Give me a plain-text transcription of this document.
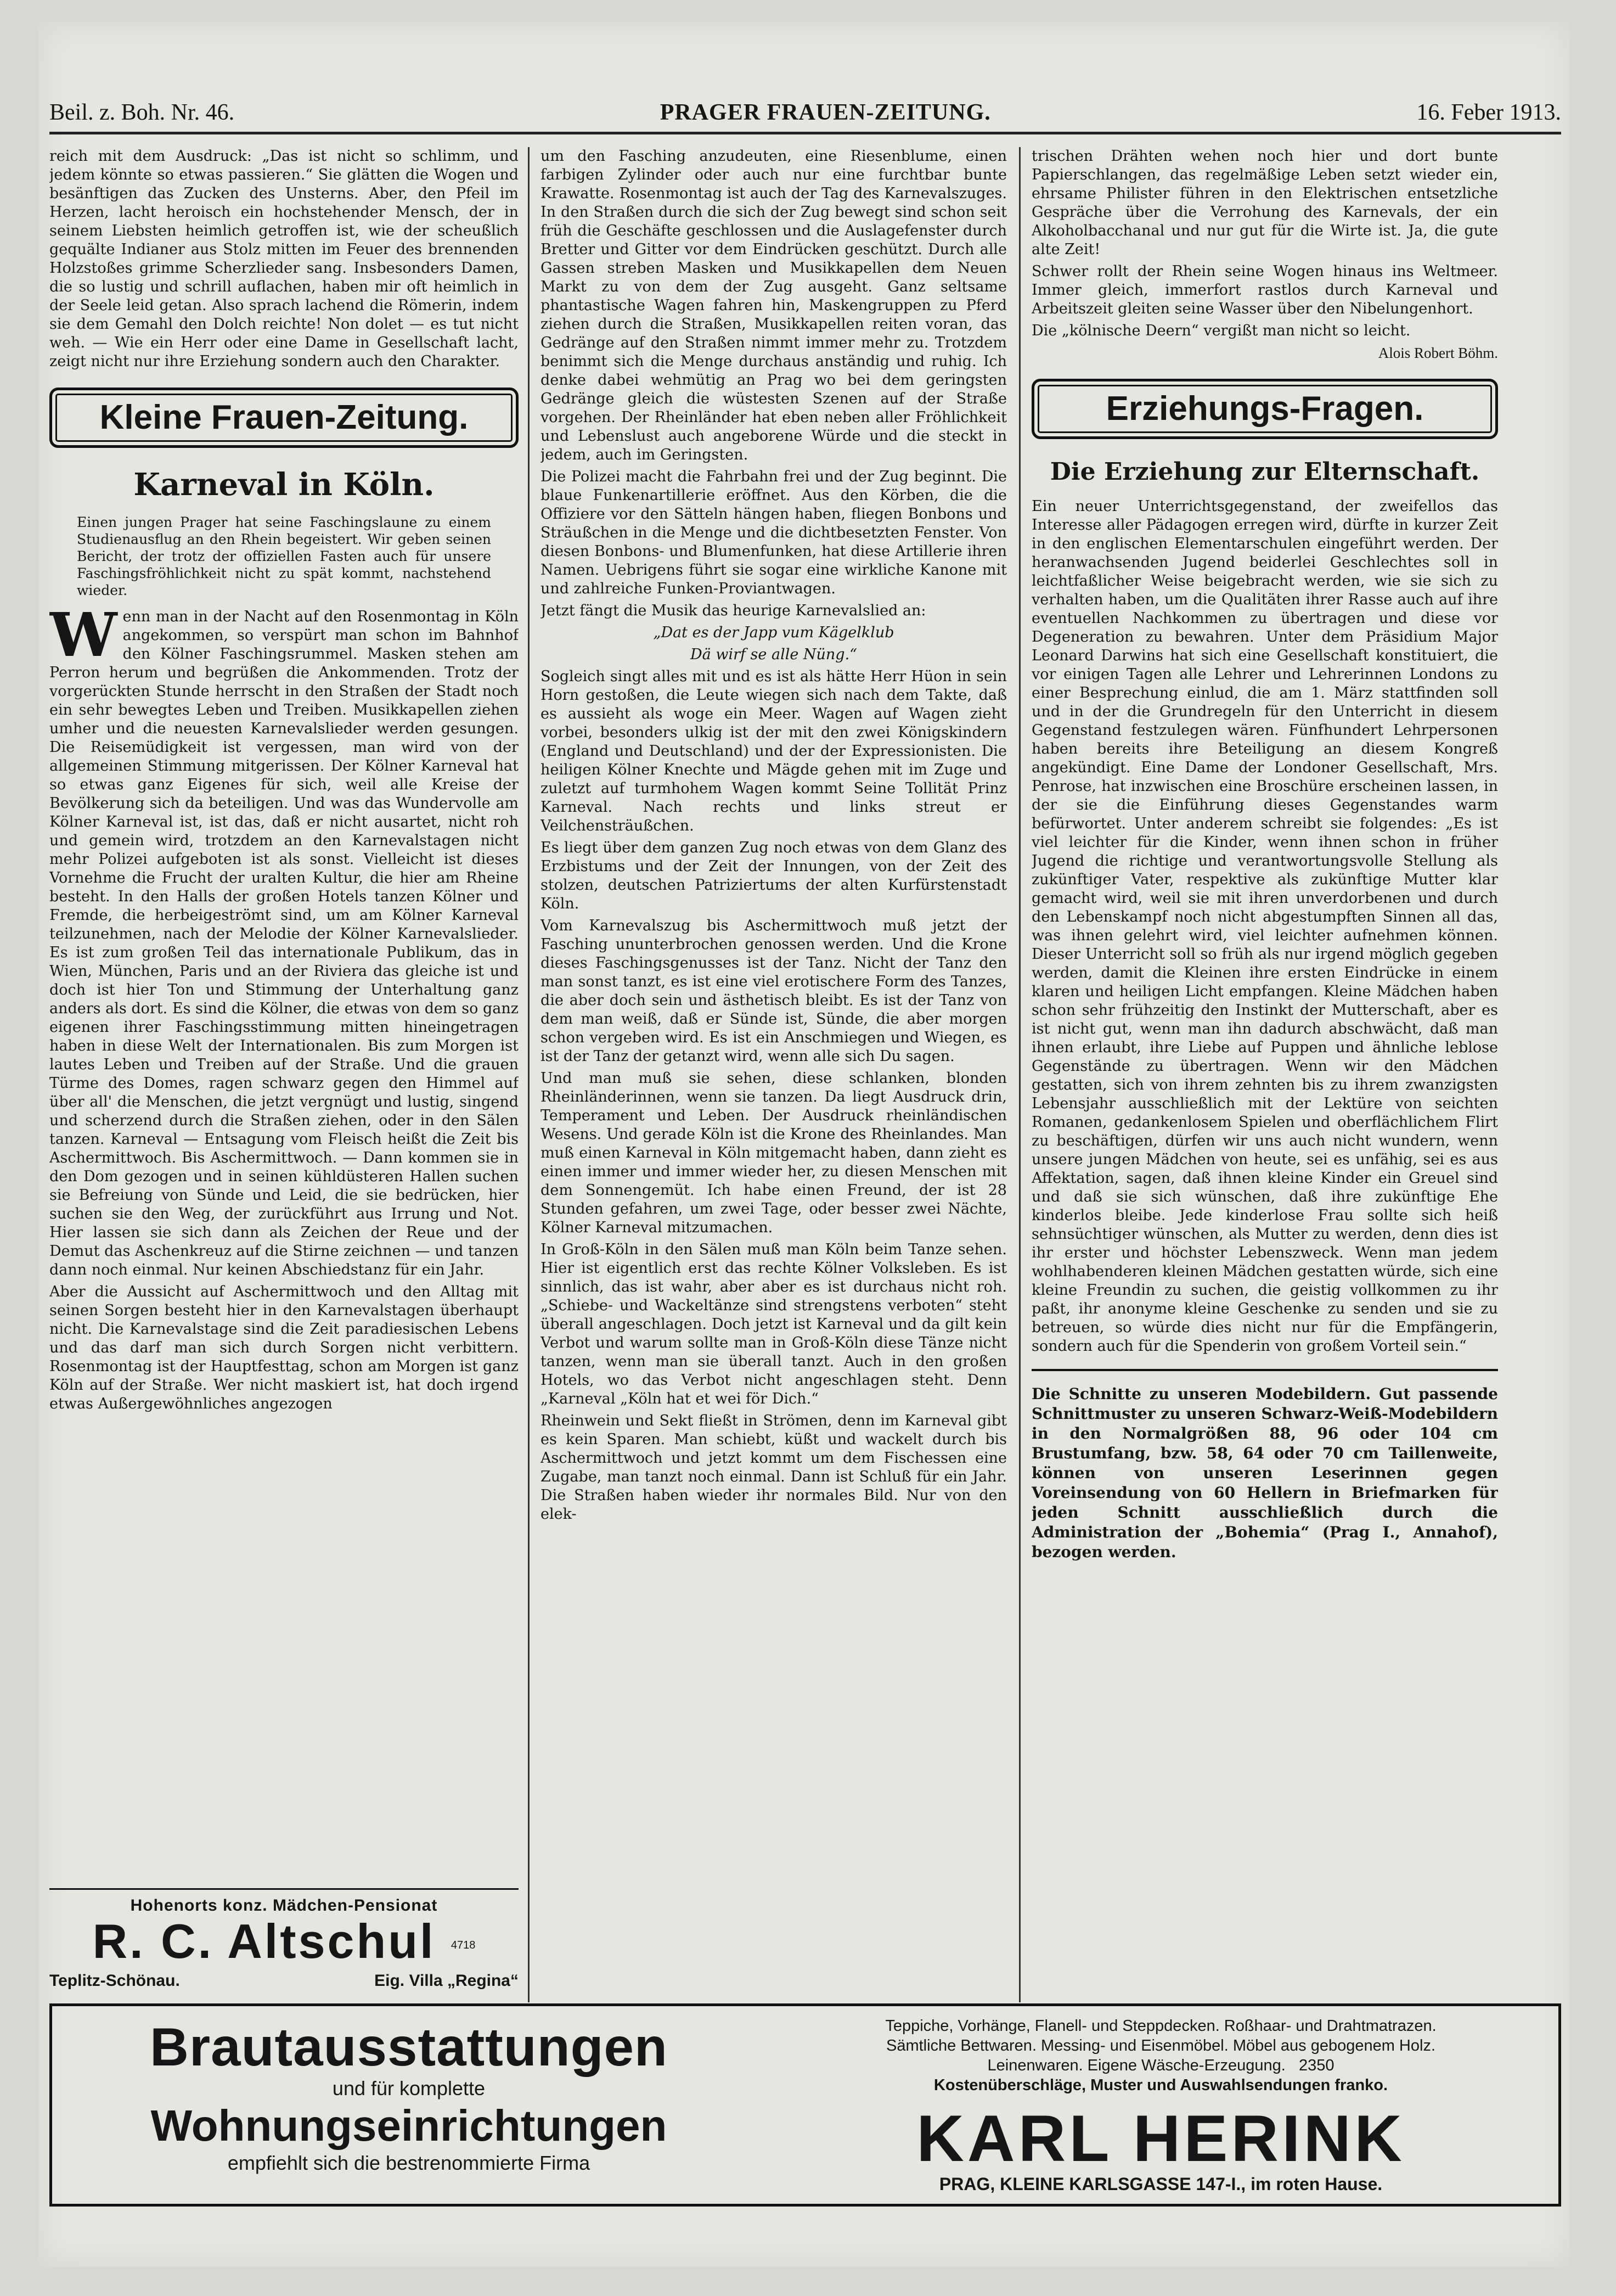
Beil. z. Boh. Nr. 46.	PRAGER FRAUEN-ZEITUNG.	16. Feber 1913.

reich mit dem Ausdruck: „Das ist nicht so schlimm, und jedem könnte so etwas passieren.“ Sie glätten die Wogen und besänftigen das Zucken des Unsterns. Aber, den Pfeil im Herzen, lacht heroisch ein hochstehender Mensch, der in seinem Liebsten heimlich getroffen ist, wie der scheußlich gequälte Indianer aus Stolz mitten im Feuer des brennenden Holzstoßes grimme Scherzlieder sang. Insbesonders Damen, die so lustig und schrill auflachen, haben mir oft heimlich in der Seele leid getan. Also sprach lachend die Römerin, indem sie dem Gemahl den Dolch reichte! Non dolet — es tut nicht weh. — Wie ein Herr oder eine Dame in Gesellschaft lacht, zeigt nicht nur ihre Erziehung sondern auch den Charakter.

Kleine Frauen-Zeitung.
Karneval in Köln.
Einen jungen Prager hat seine Faschingslaune zu einem Studienausflug an den Rhein begeistert. Wir geben seinen Bericht, der trotz der offiziellen Fasten auch für unsere Faschingsfröhlichkeit nicht zu spät kommt, nachstehend wieder.

Wenn man in der Nacht auf den Rosenmontag in Köln angekommen, so verspürt man schon im Bahnhof den Kölner Faschingsrummel. Masken stehen am Perron herum und begrüßen die Ankommenden. Trotz der vorgerückten Stunde herrscht in den Straßen der Stadt noch ein sehr bewegtes Leben und Treiben. Musikkapellen ziehen umher und die neuesten Karnevalslieder werden gesungen. Die Reisemüdigkeit ist vergessen, man wird von der allgemeinen Stimmung mitgerissen. Der Kölner Karneval hat so etwas ganz Eigenes für sich, weil alle Kreise der Bevölkerung sich da beteiligen. Und was das Wundervolle am Kölner Karneval ist, ist das, daß er nicht ausartet, nicht roh und gemein wird, trotzdem an den Karnevalstagen nicht mehr Polizei aufgeboten ist als sonst. Vielleicht ist dieses Vornehme die Frucht der uralten Kultur, die hier am Rheine besteht. In den Halls der großen Hotels tanzen Kölner und Fremde, die herbeigeströmt sind, um am Kölner Karneval teilzunehmen, nach der Melodie der Kölner Karnevalslieder. Es ist zum großen Teil das internationale Publikum, das in Wien, München, Paris und an der Riviera das gleiche ist und doch ist hier Ton und Stimmung der Unterhaltung ganz anders als dort. Es sind die Kölner, die etwas von dem so ganz eigenen ihrer Faschingsstimmung mitten hineingetragen haben in diese Welt der Internationalen. Bis zum Morgen ist lautes Leben und Treiben auf der Straße. Und die grauen Türme des Domes, ragen schwarz gegen den Himmel auf über all' die Menschen, die jetzt vergnügt und lustig, singend und scherzend durch die Straßen ziehen, oder in den Sälen tanzen. Karneval — Entsagung vom Fleisch heißt die Zeit bis Aschermittwoch. Bis Aschermittwoch. — Dann kommen sie in den Dom gezogen und in seinen kühldüsteren Hallen suchen sie Befreiung von Sünde und Leid, die sie bedrücken, hier suchen sie den Weg, der zurückführt aus Irrung und Not. Hier lassen sie sich dann als Zeichen der Reue und der Demut das Aschenkreuz auf die Stirne zeichnen — und tanzen dann noch einmal. Nur keinen Abschiedstanz für ein Jahr.

Aber die Aussicht auf Aschermittwoch und den Alltag mit seinen Sorgen besteht hier in den Karnevalstagen überhaupt nicht. Die Karnevalstage sind die Zeit paradiesischen Lebens und das darf man sich durch Sorgen nicht verbittern. Rosenmontag ist der Hauptfesttag, schon am Morgen ist ganz Köln auf der Straße. Wer nicht maskiert ist, hat doch irgend etwas Außergewöhnliches angezogen

Hohenorts konz. Mädchen-Pensionat
R. C. Altschul 4718
Teplitz-Schönau.	Eig. Villa „Regina“

um den Fasching anzudeuten, eine Riesenblume, einen farbigen Zylinder oder auch nur eine furchtbar bunte Krawatte. Rosenmontag ist auch der Tag des Karnevalszuges. In den Straßen durch die sich der Zug bewegt sind schon seit früh die Geschäfte geschlossen und die Auslagefenster durch Bretter und Gitter vor dem Eindrücken geschützt. Durch alle Gassen streben Masken und Musikkapellen dem Neuen Markt zu von dem der Zug ausgeht. Ganz seltsame phantastische Wagen fahren hin, Maskengruppen zu Pferd ziehen durch die Straßen, Musikkapellen reiten voran, das Gedränge auf den Straßen nimmt immer mehr zu. Trotzdem benimmt sich die Menge durchaus anständig und ruhig. Ich denke dabei wehmütig an Prag wo bei dem geringsten Gedränge gleich die wüstesten Szenen auf der Straße vorgehen. Der Rheinländer hat eben neben aller Fröhlichkeit und Lebenslust auch angeborene Würde und die steckt in jedem, auch im Geringsten.

Die Polizei macht die Fahrbahn frei und der Zug beginnt. Die blaue Funkenartillerie eröffnet. Aus den Körben, die die Offiziere vor den Sätteln hängen haben, fliegen Bonbons und Sträußchen in die Menge und die dichtbesetzten Fenster. Von diesen Bonbons- und Blumenfunken, hat diese Artillerie ihren Namen. Uebrigens führt sie sogar eine wirkliche Kanone mit und zahlreiche Funken-Proviantwagen.

Jetzt fängt die Musik das heurige Karnevalslied an:

„Dat es der Japp vum Kägelklub

Dä wirf se alle Nüng.“

Sogleich singt alles mit und es ist als hätte Herr Hüon in sein Horn gestoßen, die Leute wiegen sich nach dem Takte, daß es aussieht als woge ein Meer. Wagen auf Wagen zieht vorbei, besonders ulkig ist der mit den zwei Königskindern (England und Deutschland) und der der Expressionisten. Die heiligen Kölner Knechte und Mägde gehen mit im Zuge und zuletzt auf turmhohem Wagen kommt Seine Tollität Prinz Karneval. Nach rechts und links streut er Veilchensträußchen.

Es liegt über dem ganzen Zug noch etwas von dem Glanz des Erzbistums und der Zeit der Innungen, von der Zeit des stolzen, deutschen Patriziertums der alten Kurfürstenstadt Köln.

Vom Karnevalszug bis Aschermittwoch muß jetzt der Fasching ununterbrochen genossen werden. Und die Krone dieses Faschingsgenusses ist der Tanz. Nicht der Tanz den man sonst tanzt, es ist eine viel erotischere Form des Tanzes, die aber doch sein und ästhetisch bleibt. Es ist der Tanz von dem man weiß, daß er Sünde ist, Sünde, die aber morgen schon vergeben wird. Es ist ein Anschmiegen und Wiegen, es ist der Tanz der getanzt wird, wenn alle sich Du sagen.

Und man muß sie sehen, diese schlanken, blonden Rheinländerinnen, wenn sie tanzen. Da liegt Ausdruck drin, Temperament und Leben. Der Ausdruck rheinländischen Wesens. Und gerade Köln ist die Krone des Rheinlandes. Man muß einen Karneval in Köln mitgemacht haben, dann zieht es einen immer und immer wieder her, zu diesen Menschen mit dem Sonnengemüt. Ich habe einen Freund, der ist 28 Stunden gefahren, um zwei Tage, oder besser zwei Nächte, Kölner Karneval mitzumachen.

In Groß-Köln in den Sälen muß man Köln beim Tanze sehen. Hier ist eigentlich erst das rechte Kölner Volksleben. Es ist sinnlich, das ist wahr, aber aber es ist durchaus nicht roh. „Schiebe- und Wackeltänze sind strengstens verboten“ steht überall angeschlagen. Doch jetzt ist Karneval und da gilt kein Verbot und warum sollte man in Groß-Köln diese Tänze nicht tanzen, wenn man sie überall tanzt. Auch in den großen Hotels, wo das Verbot nicht angeschlagen steht. Denn „Karneval „Köln hat et wei för Dich.“

Rheinwein und Sekt fließt in Strömen, denn im Karneval gibt es kein Sparen. Man schiebt, küßt und wackelt durch bis Aschermittwoch und jetzt kommt um dem Fischessen eine Zugabe, man tanzt noch einmal. Dann ist Schluß für ein Jahr. Die Straßen haben wieder ihr normales Bild. Nur von den elek-

trischen Drähten wehen noch hier und dort bunte Papierschlangen, das regelmäßige Leben setzt wieder ein, ehrsame Philister führen in den Elektrischen entsetzliche Gespräche über die Verrohung des Karnevals, der ein Alkoholbacchanal und nur gut für die Wirte ist. Ja, die gute alte Zeit!

Schwer rollt der Rhein seine Wogen hinaus ins Weltmeer. Immer gleich, immerfort rastlos durch Karneval und Arbeitszeit gleiten seine Wasser über den Nibelungenhort.

Die „kölnische Deern“ vergißt man nicht so leicht.

Alois Robert Böhm.

Erziehungs-Fragen.
Die Erziehung zur Elternschaft.

Ein neuer Unterrichtsgegenstand, der zweifellos das Interesse aller Pädagogen erregen wird, dürfte in kurzer Zeit in den englischen Elementarschulen eingeführt werden. Der heranwachsenden Jugend beiderlei Geschlechtes soll in leichtfaßlicher Weise beigebracht werden, wie sie sich zu verhalten haben, um die Qualitäten ihrer Rasse auch auf ihre eventuellen Nachkommen zu übertragen und diese vor Degeneration zu bewahren. Unter dem Präsidium Major Leonard Darwins hat sich eine Gesellschaft konstituiert, die vor einigen Tagen alle Lehrer und Lehrerinnen Londons zu einer Besprechung einlud, die am 1. März stattfinden soll und in der die Grundregeln für den Unterricht in diesem Gegenstand festzulegen wären. Fünfhundert Lehrpersonen haben bereits ihre Beteiligung an diesem Kongreß angekündigt. Eine Dame der Londoner Gesellschaft, Mrs. Penrose, hat inzwischen eine Broschüre erscheinen lassen, in der sie die Einführung dieses Gegenstandes warm befürwortet. Unter anderem schreibt sie folgendes: „Es ist viel leichter für die Kinder, wenn ihnen schon in früher Jugend die richtige und verantwortungsvolle Stellung als zukünftiger Vater, respektive als zukünftige Mutter klar gemacht wird, weil sie mit ihren unverdorbenen und durch den Lebenskampf noch nicht abgestumpften Sinnen all das, was ihnen gelehrt wird, viel leichter aufnehmen können. Dieser Unterricht soll so früh als nur irgend möglich gegeben werden, damit die Kleinen ihre ersten Eindrücke in einem klaren und heiligen Licht empfangen. Kleine Mädchen haben schon sehr frühzeitig den Instinkt der Mutterschaft, aber es ist nicht gut, wenn man ihn dadurch abschwächt, daß man ihnen erlaubt, ihre Liebe auf Puppen und ähnliche leblose Gegenstände zu übertragen. Wenn wir den Mädchen gestatten, sich von ihrem zehnten bis zu ihrem zwanzigsten Lebensjahr ausschließlich mit der Lektüre von seichten Romanen, gedankenlosem Spielen und oberflächlichem Flirt zu beschäftigen, dürfen wir uns auch nicht wundern, wenn unsere jungen Mädchen von heute, sei es unfähig, sei es aus Affektation, sagen, daß ihnen kleine Kinder ein Greuel sind und daß sie sich wünschen, daß ihre zukünftige Ehe kinderlos bleibe. Jede kinderlose Frau sollte sich heiß sehnsüchtiger wünschen, als Mutter zu werden, denn dies ist ihr erster und höchster Lebenszweck. Wenn man jedem wohlhabenderen kleinen Mädchen gestatten würde, sich eine kleine Freundin zu suchen, die geistig vollkommen zu ihr paßt, ihr anonyme kleine Geschenke zu senden und sie zu betreuen, so würde dies nicht nur für die Empfängerin, sondern auch für die Spenderin von großem Vorteil sein.“

Die Schnitte zu unseren Modebildern. Gut passende Schnittmuster zu unseren Schwarz-Weiß-Modebildern in den Normalgrößen 88, 96 oder 104 cm Brustumfang, bzw. 58, 64 oder 70 cm Taillenweite, können von unseren Leserinnen gegen Voreinsendung von 60 Hellern in Briefmarken für jeden Schnitt ausschließlich durch die Administration der „Bohemia“ (Prag I., Annahof), bezogen werden.

Brautausstattungen
und für komplette
Wohnungseinrichtungen
empfiehlt sich die bestrenommierte Firma
Teppiche, Vorhänge, Flanell- und Steppdecken. Roßhaar- und Drahtmatrazen.
Sämtliche Bettwaren. Messing- und Eisenmöbel. Möbel aus gebogenem Holz.
Leinenwaren. Eigene Wäsche-Erzeugung. 2350
Kostenüberschläge, Muster und Auswahlsendungen franko.
KARL HERINK
PRAG, KLEINE KARLSGASSE 147-I., im roten Hause.
